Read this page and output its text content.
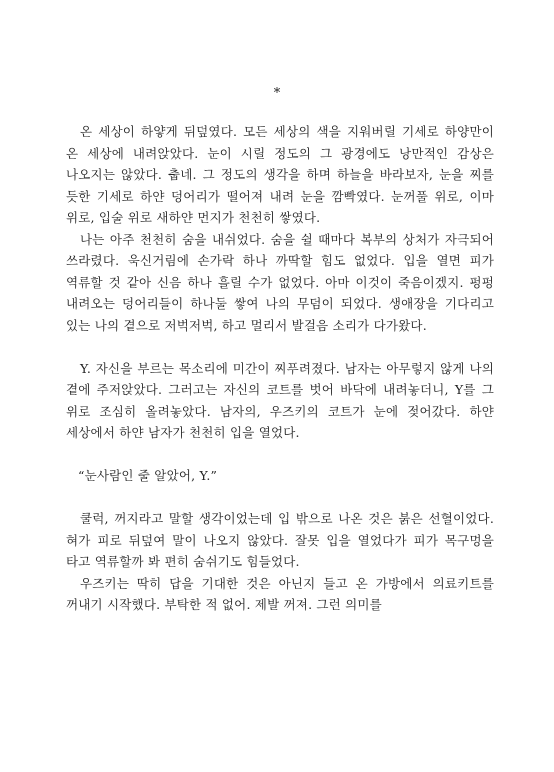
*

온 세상이 하얗게 뒤덮였다. 모든 세상의 색을 지워버릴 기세로 하양만이 온 세상에 내려앉았다. 눈이 시릴 정도의 그 광경에도 낭만적인 감상은 나오지는 않았다. 춥네. 그 정도의 생각을 하며 하늘을 바라보자, 눈을 찌를 듯한 기세로 하얀 덩어리가 떨어져 내려 눈을 깜빡였다. 눈꺼풀 위로, 이마 위로, 입술 위로 새하얀 먼지가 천천히 쌓였다.

나는 아주 천천히 숨을 내쉬었다. 숨을 쉴 때마다 복부의 상처가 자극되어 쓰라렸다. 욱신거림에 손가락 하나 까딱할 힘도 없었다. 입을 열면 피가 역류할 것 같아 신음 하나 흘릴 수가 없었다. 아마 이것이 죽음이겠지. 펑펑 내려오는 덩어리들이 하나둘 쌓여 나의 무덤이 되었다. 생애장을 기다리고 있는 나의 곁으로 저벅저벅, 하고 멀리서 발걸음 소리가 다가왔다.

Y. 자신을 부르는 목소리에 미간이 찌푸려졌다. 남자는 아무렇지 않게 나의 곁에 주저앉았다. 그러고는 자신의 코트를 벗어 바닥에 내려놓더니, Y를 그 위로 조심히 올려놓았다. 남자의, 우즈키의 코트가 눈에 젖어갔다. 하얀 세상에서 하얀 남자가 천천히 입을 열었다.

“눈사람인 줄 알았어, Y.”

쿨럭, 꺼지라고 말할 생각이었는데 입 밖으로 나온 것은 붉은 선혈이었다. 혀가 피로 뒤덮여 말이 나오지 않았다. 잘못 입을 열었다가 피가 목구멍을 타고 역류할까 봐 편히 숨쉬기도 힘들었다.

우즈키는 딱히 답을 기대한 것은 아닌지 들고 온 가방에서 의료키트를 꺼내기 시작했다. 부탁한 적 없어. 제발 꺼져. 그런 의미를
